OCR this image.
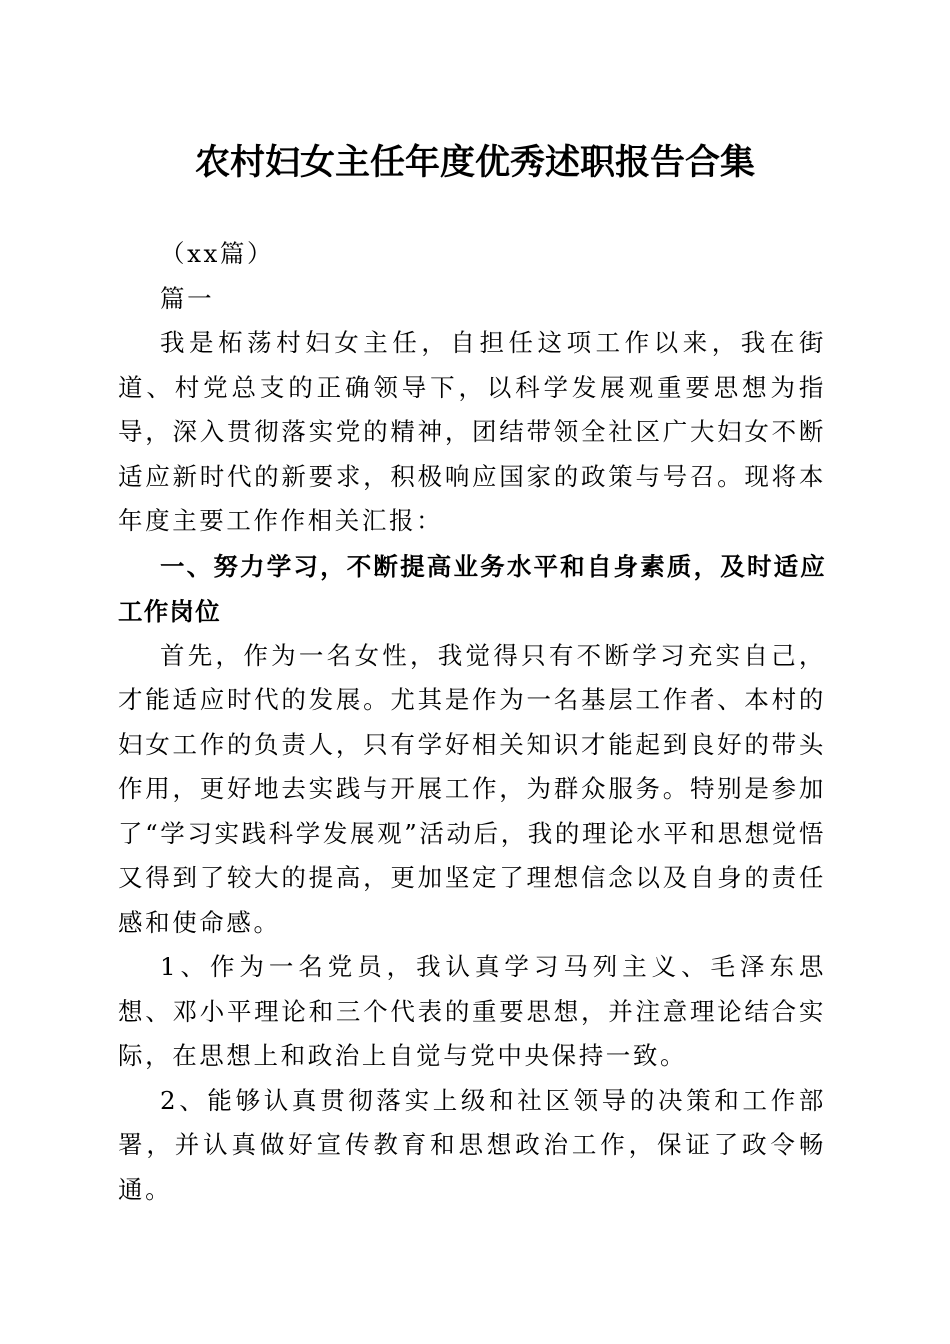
农村妇女主任年度优秀述职报告合集

（xx篇）

篇一

我是柘荡村妇女主任，自担任这项工作以来，我在街道、村党总支的正确领导下，以科学发展观重要思想为指导，深入贯彻落实党的精神，团结带领全社区广大妇女不断适应新时代的新要求，积极响应国家的政策与号召。现将本年度主要工作作相关汇报：

一、努力学习，不断提高业务水平和自身素质，及时适应工作岗位

首先，作为一名女性，我觉得只有不断学习充实自己，才能适应时代的发展。尤其是作为一名基层工作者、本村的妇女工作的负责人，只有学好相关知识才能起到良好的带头作用，更好地去实践与开展工作，为群众服务。特别是参加了“学习实践科学发展观”活动后，我的理论水平和思想觉悟又得到了较大的提高，更加坚定了理想信念以及自身的责任感和使命感。

1、作为一名党员，我认真学习马列主义、毛泽东思想、邓小平理论和三个代表的重要思想，并注意理论结合实际，在思想上和政治上自觉与党中央保持一致。

2、能够认真贯彻落实上级和社区领导的决策和工作部署，并认真做好宣传教育和思想政治工作，保证了政令畅通。
